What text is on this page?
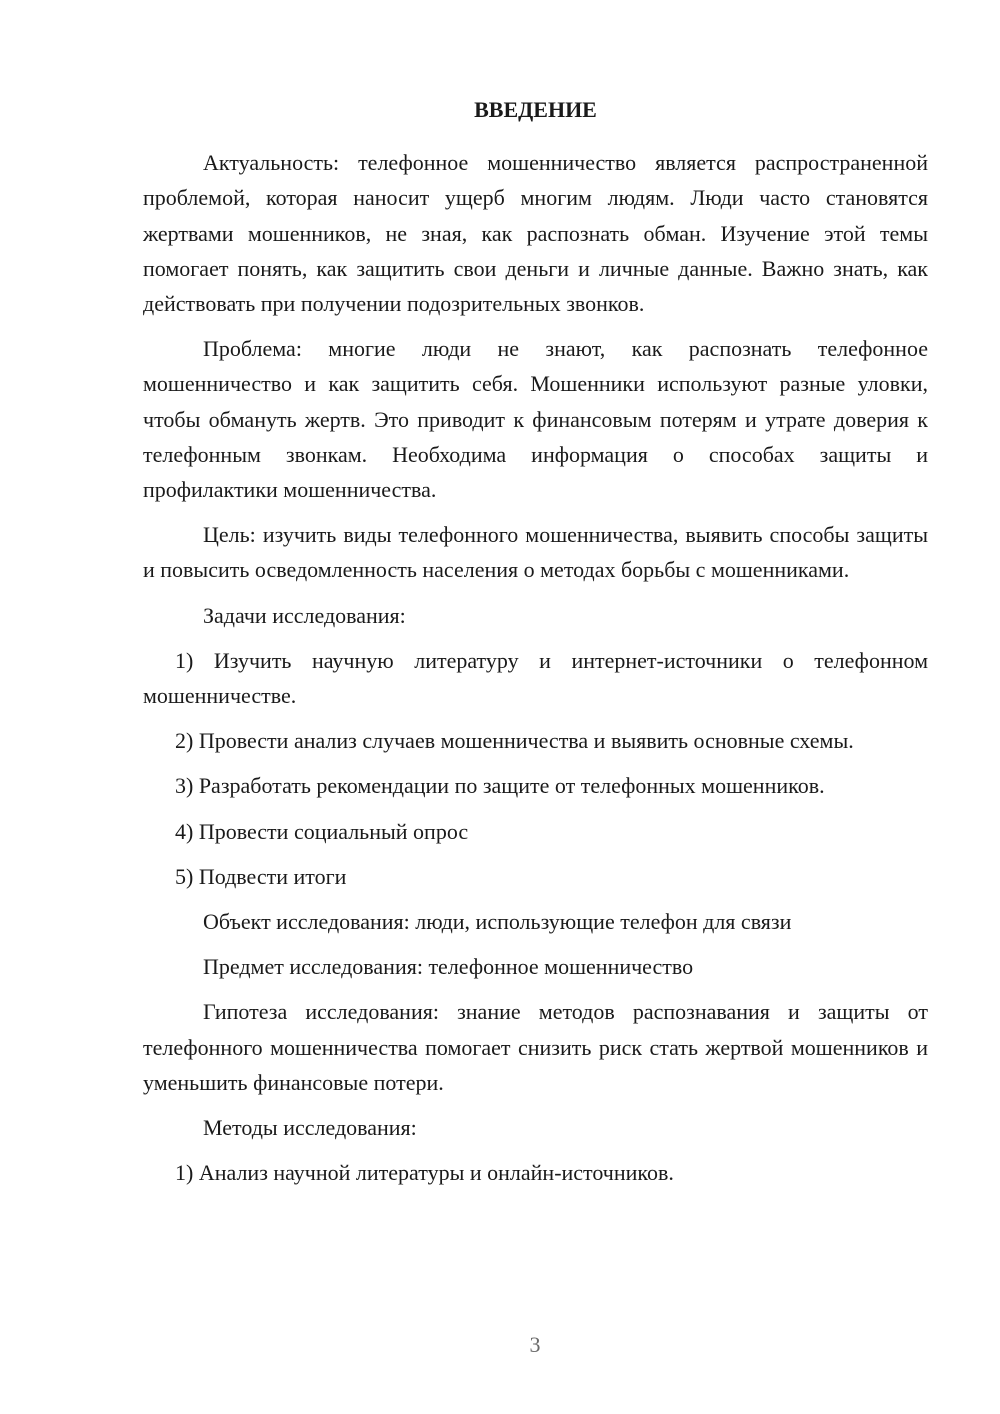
ВВЕДЕНИЕ

Актуальность: телефонное мошенничество является распространенной проблемой, которая наносит ущерб многим людям. Люди часто становятся жертвами мошенников, не зная, как распознать обман. Изучение этой темы помогает понять, как защитить свои деньги и личные данные. Важно знать, как действовать при получении подозрительных звонков.

Проблема: многие люди не знают, как распознать телефонное мошенничество и как защитить себя. Мошенники используют разные уловки, чтобы обмануть жертв. Это приводит к финансовым потерям и утрате доверия к телефонным звонкам. Необходима информация о способах защиты и профилактики мошенничества.

Цель: изучить виды телефонного мошенничества, выявить способы защиты и повысить осведомленность населения о методах борьбы с мошенниками.

Задачи исследования:

1) Изучить научную литературу и интернет-источники о телефонном мошенничестве.

2) Провести анализ случаев мошенничества и выявить основные схемы.

3) Разработать рекомендации по защите от телефонных мошенников.

4) Провести социальный опрос

5) Подвести итоги

Объект исследования: люди, использующие телефон для связи

Предмет исследования: телефонное мошенничество

Гипотеза исследования: знание методов распознавания и защиты от телефонного мошенничества помогает снизить риск стать жертвой мошенников и уменьшить финансовые потери.

Методы исследования:

1) Анализ научной литературы и онлайн-источников.

3
